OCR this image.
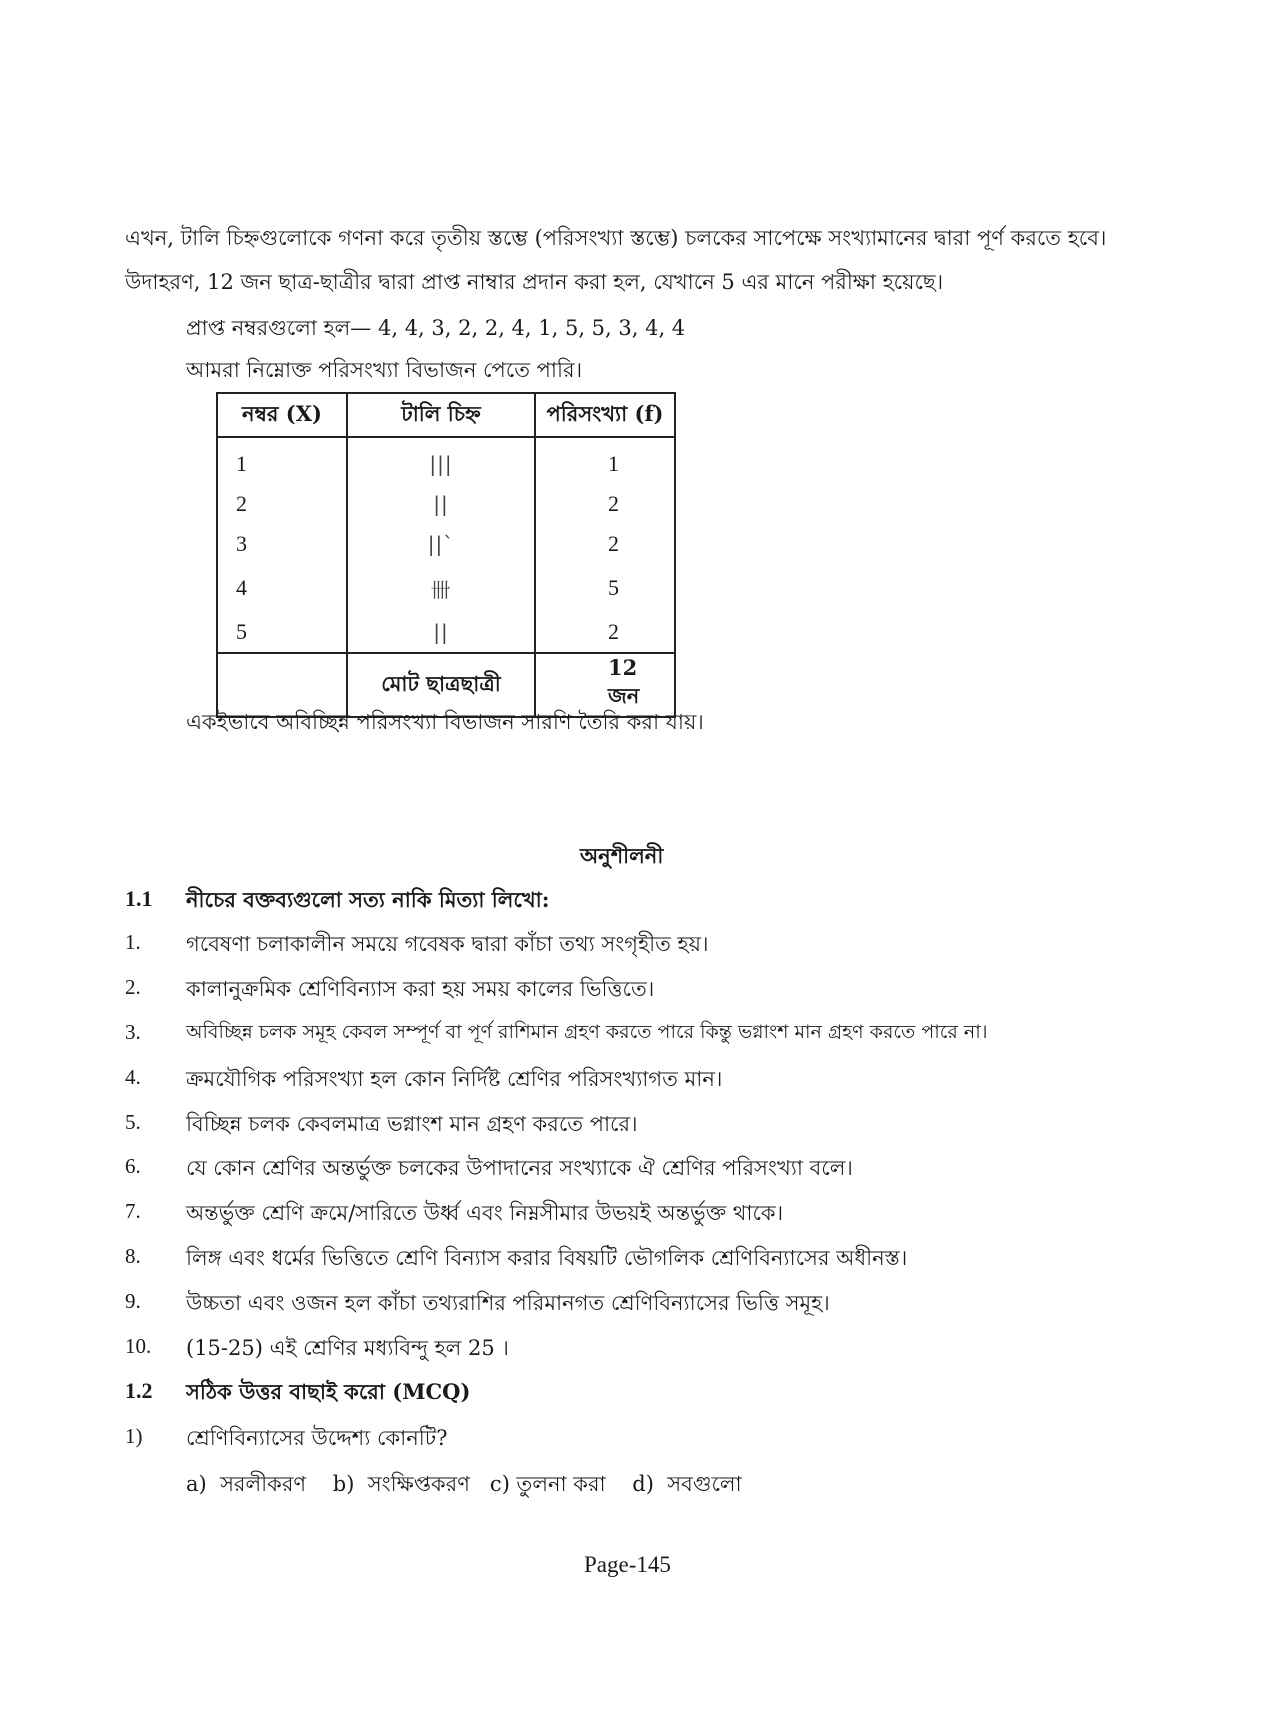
এখন, টালি চিহ্নগুলোকে গণনা করে তৃতীয় স্তম্ভে (পরিসংখ্যা স্তম্ভে) চলকের সাপেক্ষে সংখ্যামানের দ্বারা পূর্ণ করতে হবে।
উদাহরণ, 12 জন ছাত্র-ছাত্রীর দ্বারা প্রাপ্ত নাম্বার প্রদান করা হল, যেখানে 5 এর মানে পরীক্ষা হয়েছে।
প্রাপ্ত নম্বরগুলো হল— 4, 4, 3, 2, 2, 4, 1, 5, 5, 3, 4, 4
আমরা নিম্নোক্ত পরিসংখ্যা বিভাজন পেতে পারি।
নম্বর (X)	টালি চিহ্ন	পরিসংখ্যা (f)
1	|||	1
2	||	2
3	||`	2
4	卌	5
5	||	2
	মোট ছাত্রছাত্রী	12 জন
একইভাবে অবিচ্ছিন্ন পরিসংখ্যা বিভাজন সারণি তৈরি করা যায়।
অনুশীলনী
1.1 নীচের বক্তব্যগুলো সত্য নাকি মিত্যা লিখো:
1. গবেষণা চলাকালীন সময়ে গবেষক দ্বারা কাঁচা তথ্য সংগৃহীত হয়।
2. কালানুক্রমিক শ্রেণিবিন্যাস করা হয় সময় কালের ভিত্তিতে।
3. অবিচ্ছিন্ন চলক সমূহ কেবল সম্পূর্ণ বা পূর্ণ রাশিমান গ্রহণ করতে পারে কিন্তু ভগ্নাংশ মান গ্রহণ করতে পারে না।
4. ক্রমযৌগিক পরিসংখ্যা হল কোন নির্দিষ্ট শ্রেণির পরিসংখ্যাগত মান।
5. বিচ্ছিন্ন চলক কেবলমাত্র ভগ্নাংশ মান গ্রহণ করতে পারে।
6. যে কোন শ্রেণির অন্তর্ভুক্ত চলকের উপাদানের সংখ্যাকে ঐ শ্রেণির পরিসংখ্যা বলে।
7. অন্তর্ভুক্ত শ্রেণি ক্রমে/সারিতে উর্ধ্ব এবং নিম্নসীমার উভয়ই অন্তর্ভুক্ত থাকে।
8. লিঙ্গ এবং ধর্মের ভিত্তিতে শ্রেণি বিন্যাস করার বিষয়টি ভৌগলিক শ্রেণিবিন্যাসের অধীনস্ত।
9. উচ্চতা এবং ওজন হল কাঁচা তথ্যরাশির পরিমানগত শ্রেণিবিন্যাসের ভিত্তি সমূহ।
10. (15-25) এই শ্রেণির মধ্যবিন্দু হল 25 ।
1.2 সঠিক উত্তর বাছাই করো (MCQ)
1) শ্রেণিবিন্যাসের উদ্দেশ্য কোনটি?
a)  সরলীকরণ    b)  সংক্ষিপ্তকরণ   c) তুলনা করা    d)  সবগুলো
Page-145
